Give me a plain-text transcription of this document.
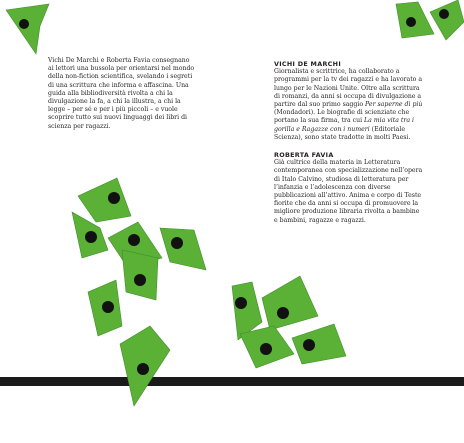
Vichi De Marchi e Roberta Favia consegnano ai lettori una bussola per orientarsi nel mondo della non-fiction scientifica, svelando i segreti di una scrittura che informa e affascina. Una guida alla bibliodiversità rivolta a chi la divulgazione la fa, a chi la illustra, a chi la legge – per sé e per i più piccoli – e vuole scoprire tutto sui nuovi linguaggi dei libri di scienza per ragazzi.

VICHI DE MARCHI

Giornalista e scrittrice, ha collaborato a programmi per la tv dei ragazzi e ha lavorato a lungo per le Nazioni Unite. Oltre alla scrittura di romanzi, da anni si occupa di divulgazione a partire dal suo primo saggio Per saperne di più (Mondadori). Le biografie di scienziate che portano la sua firma, tra cui La mia vita tra i gorilla e Ragazze con i numeri (Editoriale Scienza), sono state tradotte in molti Paesi.

ROBERTA FAVIA

Già cultrice della materia in Letteratura contemporanea con specializzazione nell’opera di Italo Calvino, studiosa di letteratura per l’infanzia e l’adolescenza con diverse pubblicazioni all’attivo. Anima e corpo di Teste fiorite che da anni si occupa di promuovere la migliore produzione libraria rivolta a bambine e bambini, ragazze e ragazzi.
